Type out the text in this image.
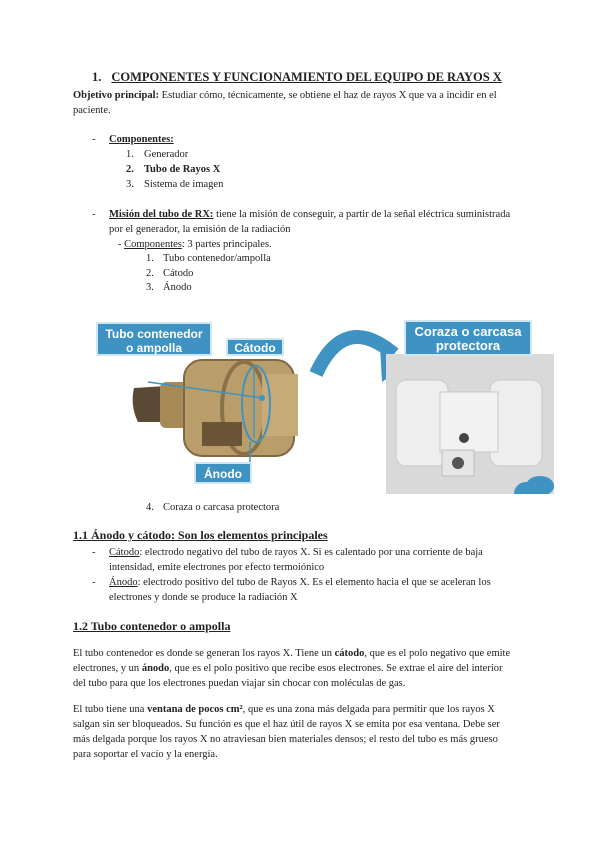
1. COMPONENTES Y FUNCIONAMIENTO DEL EQUIPO DE RAYOS X
Objetivo principal: Estudiar cómo, técnicamente, se obtiene el haz de rayos X que va a incidir en el paciente.
- Componentes:
1. Generador
2. Tubo de Rayos X
3. Sistema de imagen
- Misión del tubo de RX: tiene la misión de conseguir, a partir de la señal eléctrica suministrada
por el generador, la emisión de la radiación
- Componentes: 3 partes principales.
1. Tubo contenedor/ampolla
2. Cátodo
3. Ánodo
Tubo contenedor
o ampolla	Cátodo
Ánodo
Coraza o carcasa
protectora
4. Coraza o carcasa protectora
1.1 Ánodo y cátodo: Son los elementos principales
- Cátodo: electrodo negativo del tubo de rayos X. Si es calentado por una corriente de baja
intensidad, emite electrones por efecto termoiónico
- Ánodo: electrodo positivo del tubo de Rayos X. Es el elemento hacia el que se aceleran los
electrones y donde se produce la radiación X
1.2 Tubo contenedor o ampolla
El tubo contenedor es donde se generan los rayos X. Tiene un cátodo, que es el polo negativo que emite
electrones, y un ánodo, que es el polo positivo que recibe esos electrones. Se extrae el aire del interior
del tubo para que los electrones puedan viajar sin chocar con moléculas de gas.
El tubo tiene una ventana de pocos cm², que es una zona más delgada para permitir que los rayos X
salgan sin ser bloqueados. Su función es que el haz útil de rayos X se emita por esa ventana. Debe ser
más delgada porque los rayos X no atraviesan bien materiales densos; el resto del tubo es más grueso
para soportar el vacío y la energía.
